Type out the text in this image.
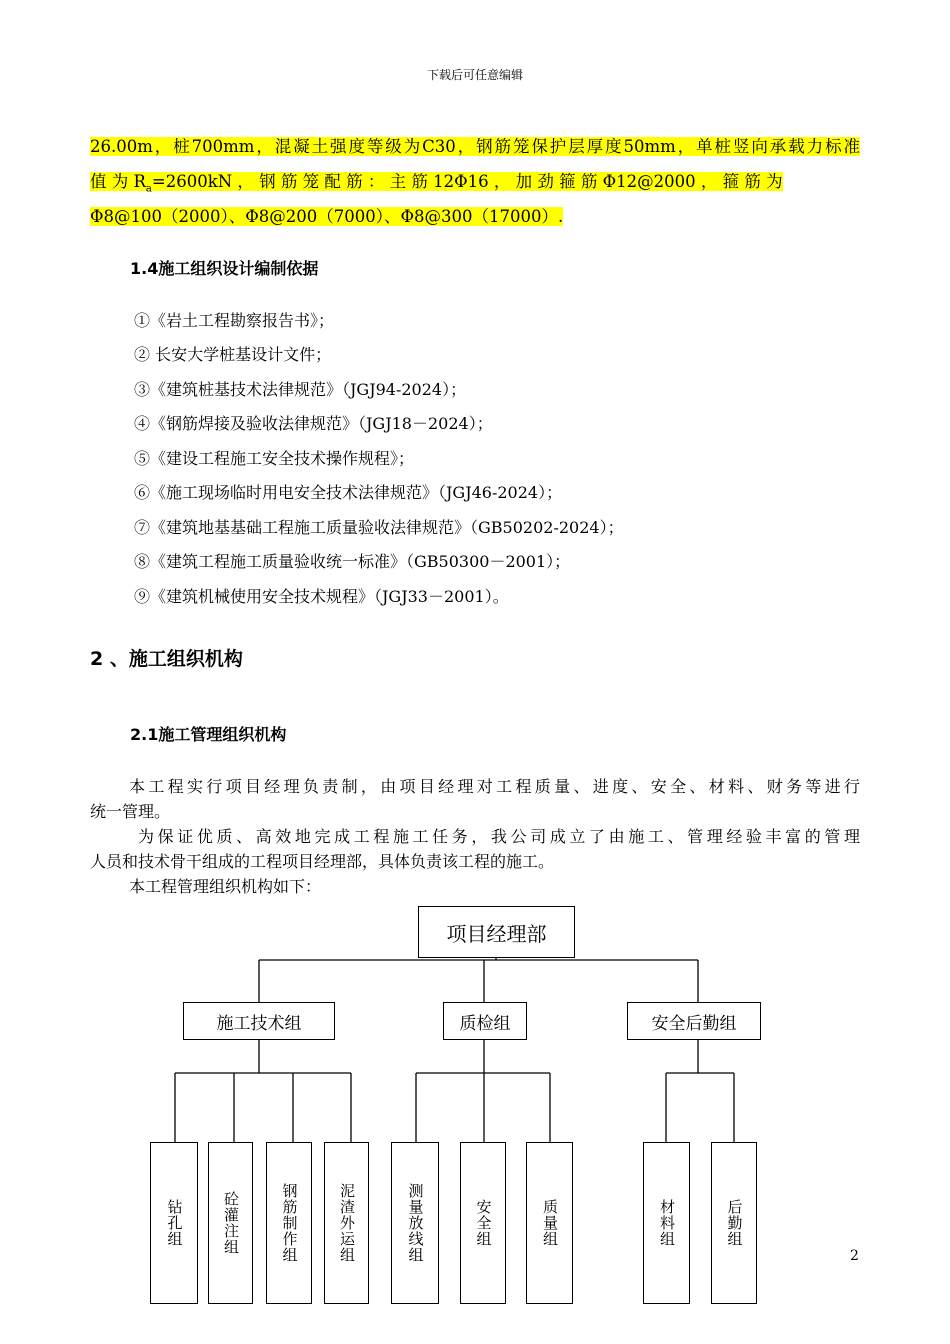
下载后可任意编辑
26.00m，桩700mm，混凝土强度等级为C30，钢筋笼保护层厚度50mm，单桩竖向承载力标准
值 为 $R_a=2600kN$ ， 钢 筋 笼 配 筋 ： 主 筋 12Φ16 ， 加 劲 箍 筋 Φ12@2000 ， 箍 筋 为
Φ8@100（2000）、Φ8@200（7000）、Φ8@300（17000）.
1.4施工组织设计编制依据
①《岩土工程勘察报告书》；
② 长安大学桩基设计文件；
③《建筑桩基技术法律规范》（JGJ94-2024）；
④《钢筋焊接及验收法律规范》（JGJ18－2024）；
⑤《建设工程施工安全技术操作规程》；
⑥《施工现场临时用电安全技术法律规范》（JGJ46-2024）；
⑦《建筑地基基础工程施工质量验收法律规范》（GB50202-2024）；
⑧《建筑工程施工质量验收统一标准》（GB50300－2001）；
⑨《建筑机械使用安全技术规程》（JGJ33－2001）。
2 、施工组织机构
2.1施工管理组织机构
本工程实行项目经理负责制，由项目经理对工程质量、进度、安全、材料、财务等进行
统一管理。
为保证优质、高效地完成工程施工任务，我公司成立了由施工、管理经验丰富的管理
人员和技术骨干组成的工程项目经理部，具体负责该工程的施工。
本工程管理组织机构如下：
项目经理部
施工技术组	质检组	安全后勤组
钻孔组	砼灌注组	钢筋制作组	泥渣外运组	测量放线组	安全组	质量组	材料组	后勤组
2
